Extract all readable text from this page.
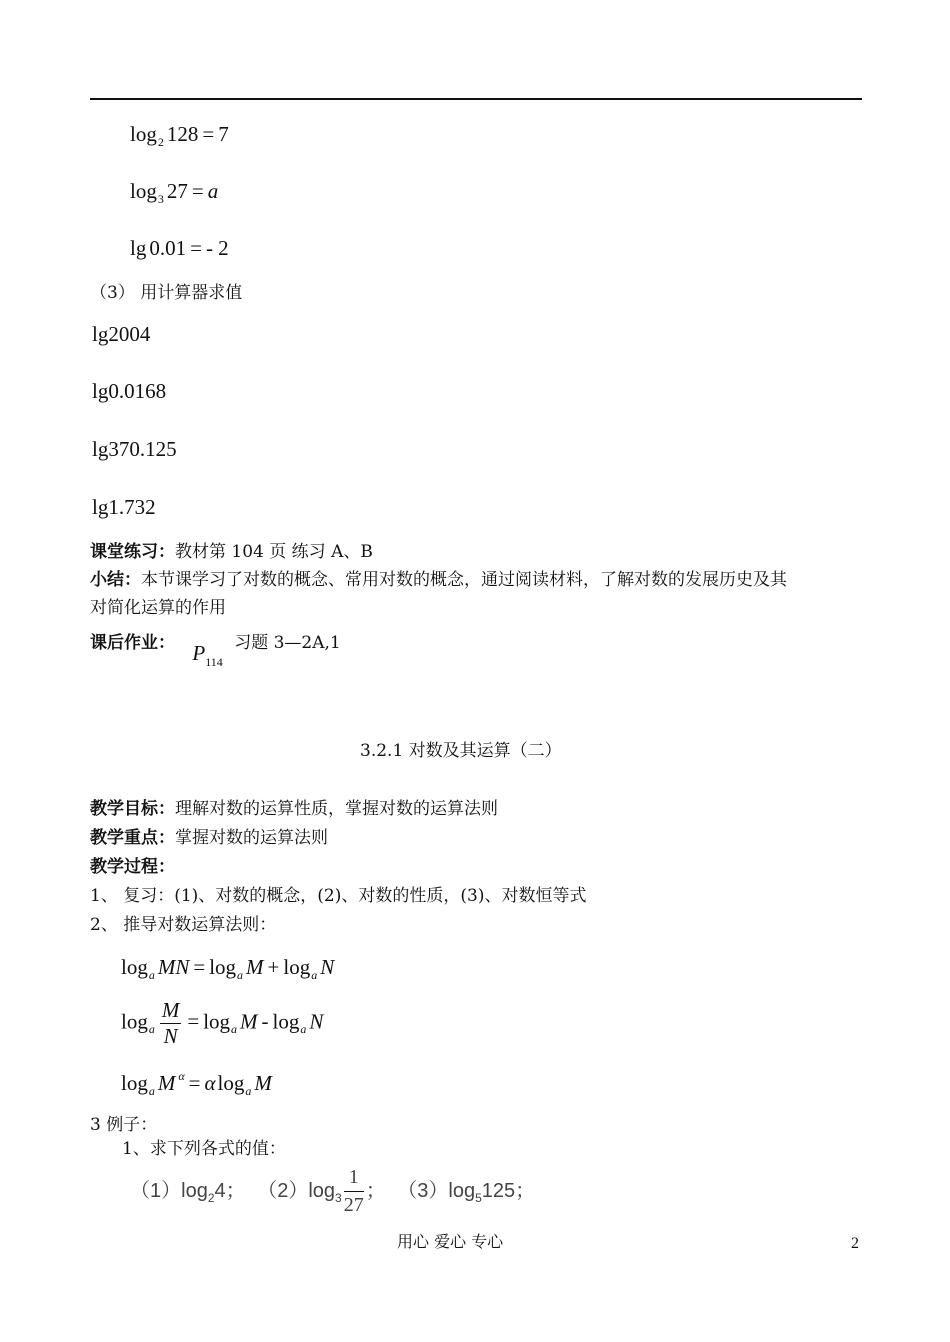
$\log_2 128 = 7$
$\log_3 27 = a$
lg 0.01 = - 2
（3） 用计算器求值
lg2004
lg0.0168
lg370.125
lg1.732
课堂练习：教材第 104 页 练习 A、B
小结：本节课学习了对数的概念、常用对数的概念，通过阅读材料，了解对数的发展历史及其
对简化运算的作用
课后作业： $P_{114}$ 习题 3—2A,1
3.2.1 对数及其运算（二）
教学目标：理解对数的运算性质，掌握对数的运算法则
教学重点：掌握对数的运算法则
教学过程：
1、 复习：(1)、对数的概念，(2)、对数的性质，(3)、对数恒等式
2、 推导对数运算法则：
$\log_a$ MN = $\log_a M + \log_a N$
$\log_a \frac{M}{N} = \log_a M - \log_a N$
$\log_a M$ $^\alpha$ = αlog$_a$ M
3 例子：
1、求下列各式的值：
$(1)\log_24$； $(2)\log_3 \frac{1}{27}$ ； $(3)\log_5125$；
用心 爱心 专心	2
